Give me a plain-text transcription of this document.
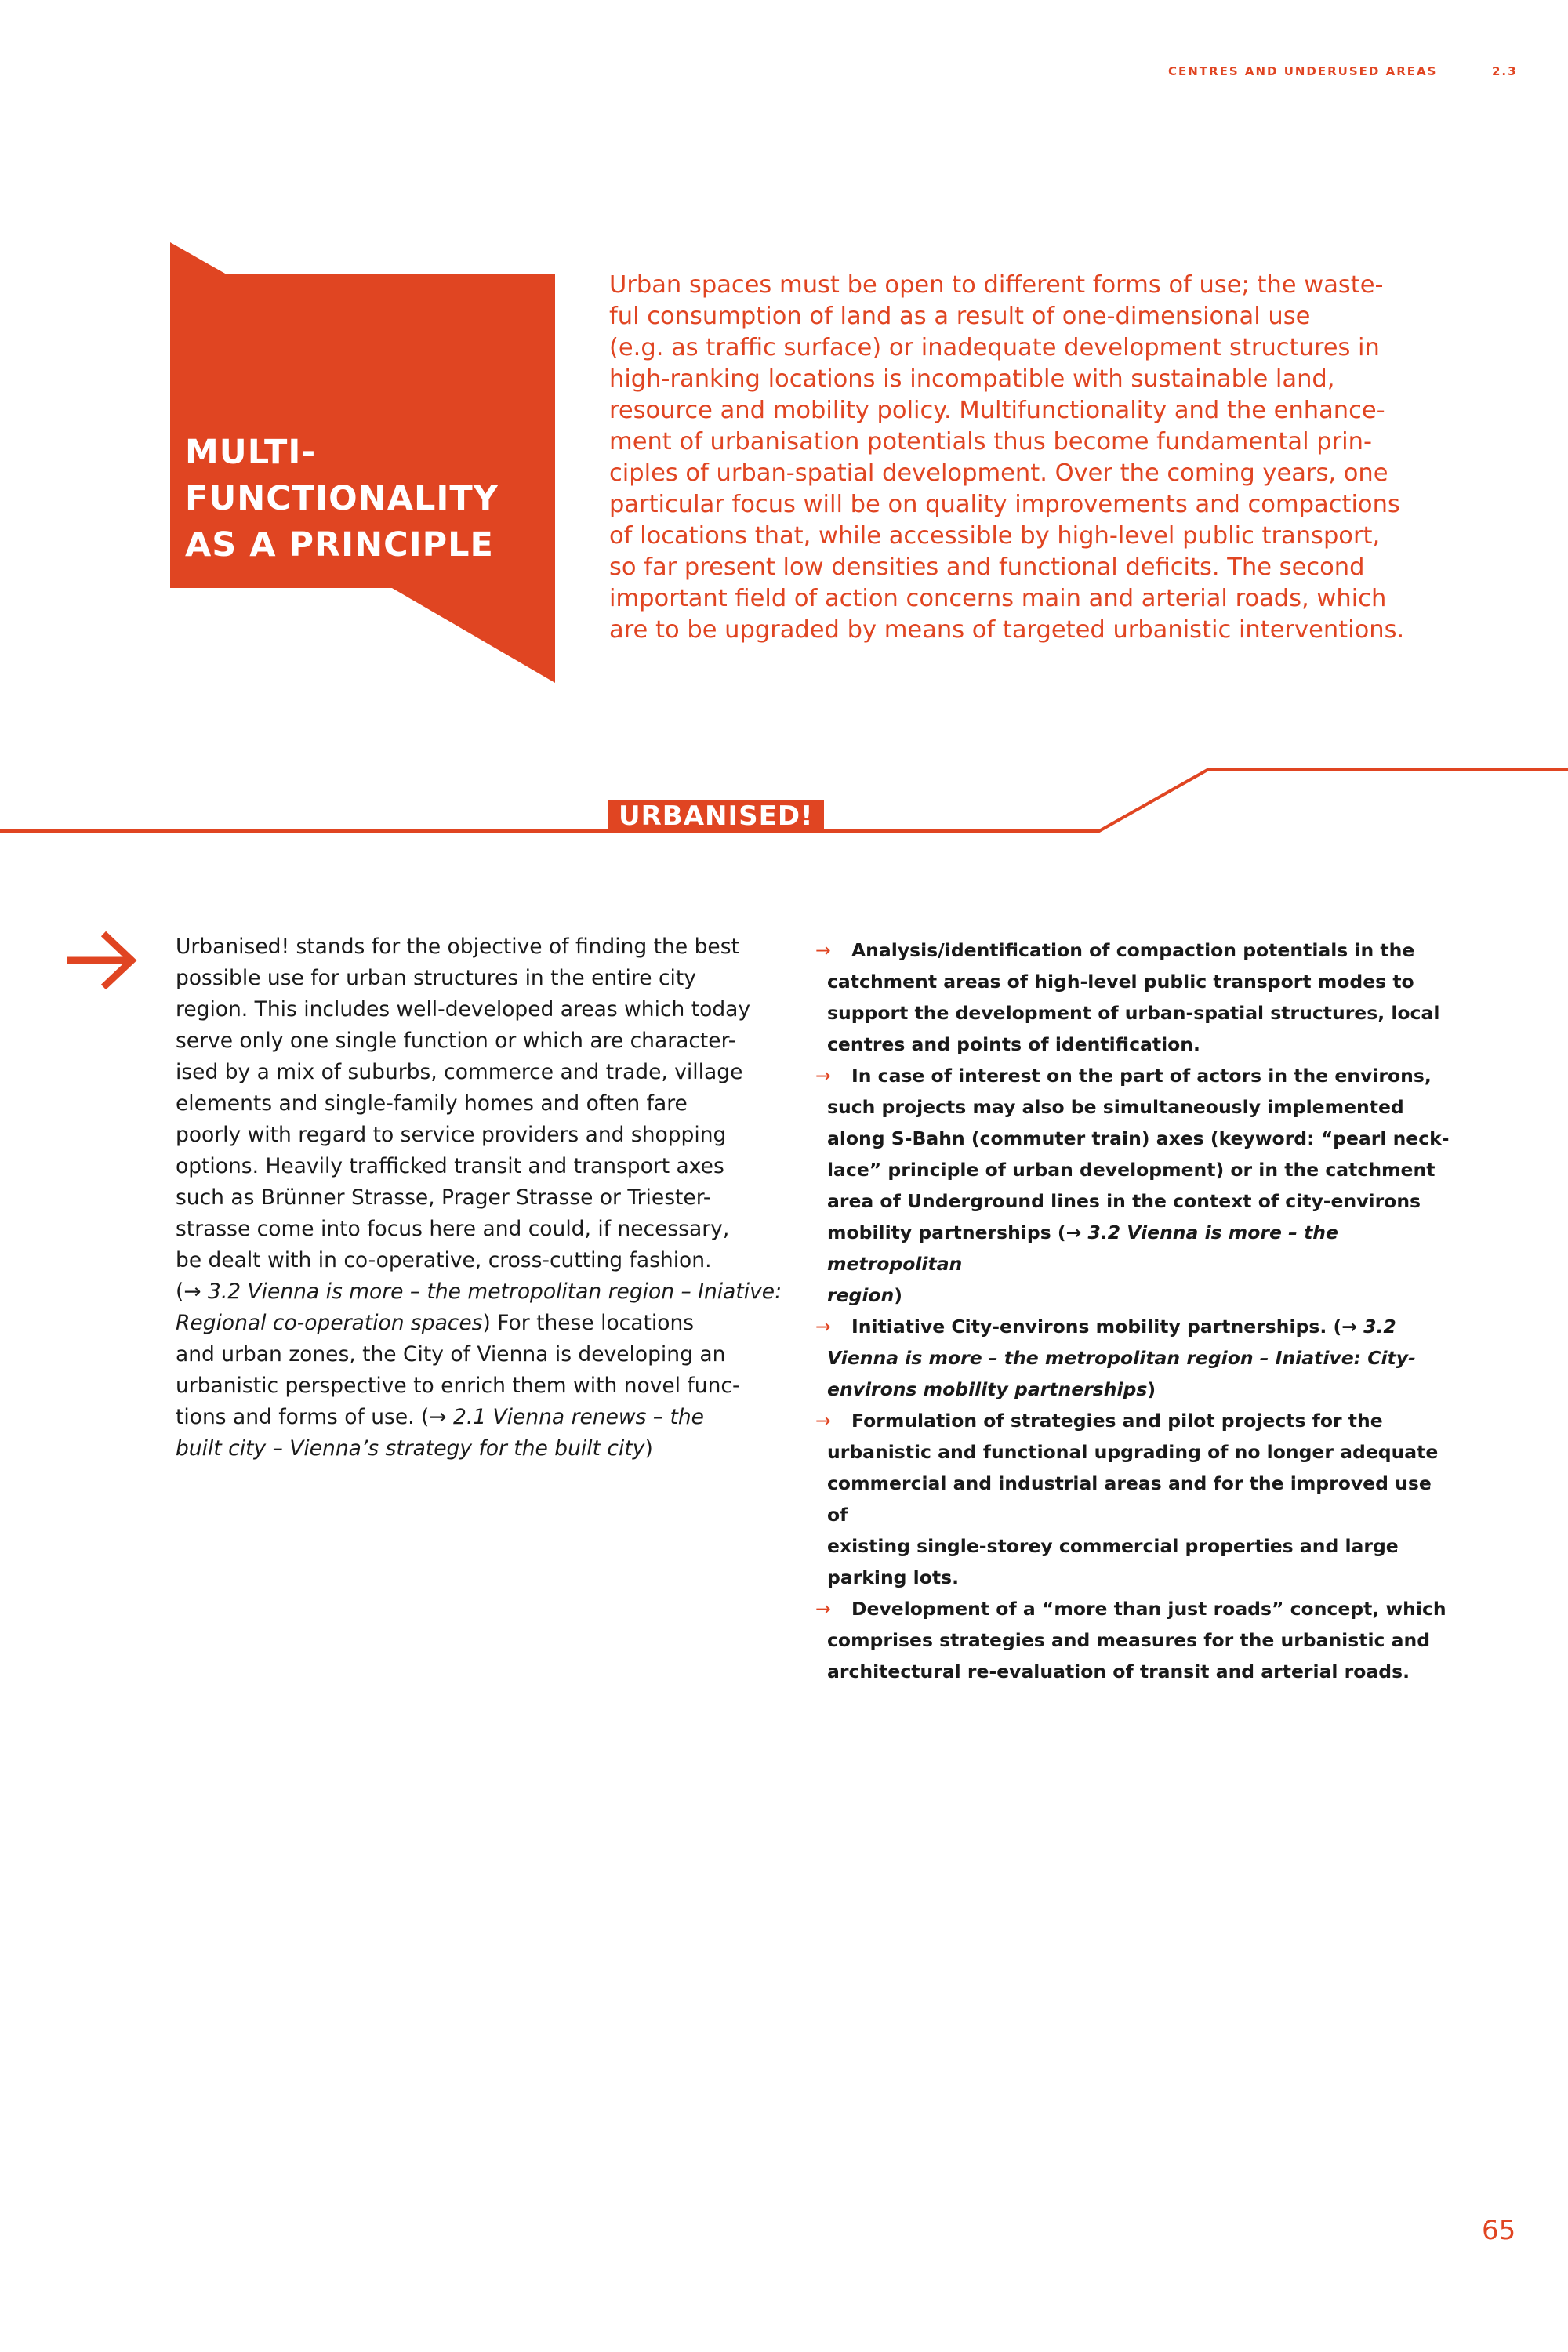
CENTRES AND UNDERUSED AREAS	2.3
MULTI-
FUNCTIONALITY
AS A PRINCIPLE

Urban spaces must be open to different forms of use; the waste-
ful consumption of land as a result of one-dimensional use
(e.g. as traffic surface) or inadequate development structures in
high-ranking locations is incompatible with sustainable land,
resource and mobility policy. Multifunctionality and the enhance-
ment of urbanisation potentials thus become fundamental prin-
ciples of urban-spatial development. Over the coming years, one
particular focus will be on quality improvements and compactions
of locations that, while accessible by high-level public transport,
so far present low densities and functional deficits. The second
important field of action concerns main and arterial roads, which
are to be upgraded by means of targeted urbanistic interventions.

URBANISED!

Urbanised! stands for the objective of finding the best
possible use for urban structures in the entire city
region. This includes well-developed areas which today
serve only one single function or which are character-
ised by a mix of suburbs, commerce and trade, village
elements and single-family homes and often fare
poorly with regard to service providers and shopping
options. Heavily trafficked transit and transport axes
such as Brünner Strasse, Prager Strasse or Triester-
strasse come into focus here and could, if necessary,
be dealt with in co-operative, cross-cutting fashion.
(→ 3.2 Vienna is more – the metropolitan region – Iniative:
Regional co-operation spaces) For these locations
and urban zones, the City of Vienna is developing an
urbanistic perspective to enrich them with novel func-
tions and forms of use. (→ 2.1 Vienna renews – the
built city – Vienna’s strategy for the built city)

→ Analysis/identification of compaction potentials in the
catchment areas of high-level public transport modes to
support the development of urban-spatial structures, local
centres and points of identification.
→ In case of interest on the part of actors in the environs,
such projects may also be simultaneously implemented
along S-Bahn (commuter train) axes (keyword: “pearl neck-
lace” principle of urban development) or in the catchment
area of Underground lines in the context of city-environs
mobility partnerships (→ 3.2 Vienna is more – the metropolitan
region)
→ Initiative City-environs mobility partnerships. (→ 3.2
Vienna is more – the metropolitan region – Iniative: City-
environs mobility partnerships)
→ Formulation of strategies and pilot projects for the
urbanistic and functional upgrading of no longer adequate
commercial and industrial areas and for the improved use of
existing single-storey commercial properties and large
parking lots.
→ Development of a “more than just roads” concept, which
comprises strategies and measures for the urbanistic and
architectural re-evaluation of transit and arterial roads.
65
